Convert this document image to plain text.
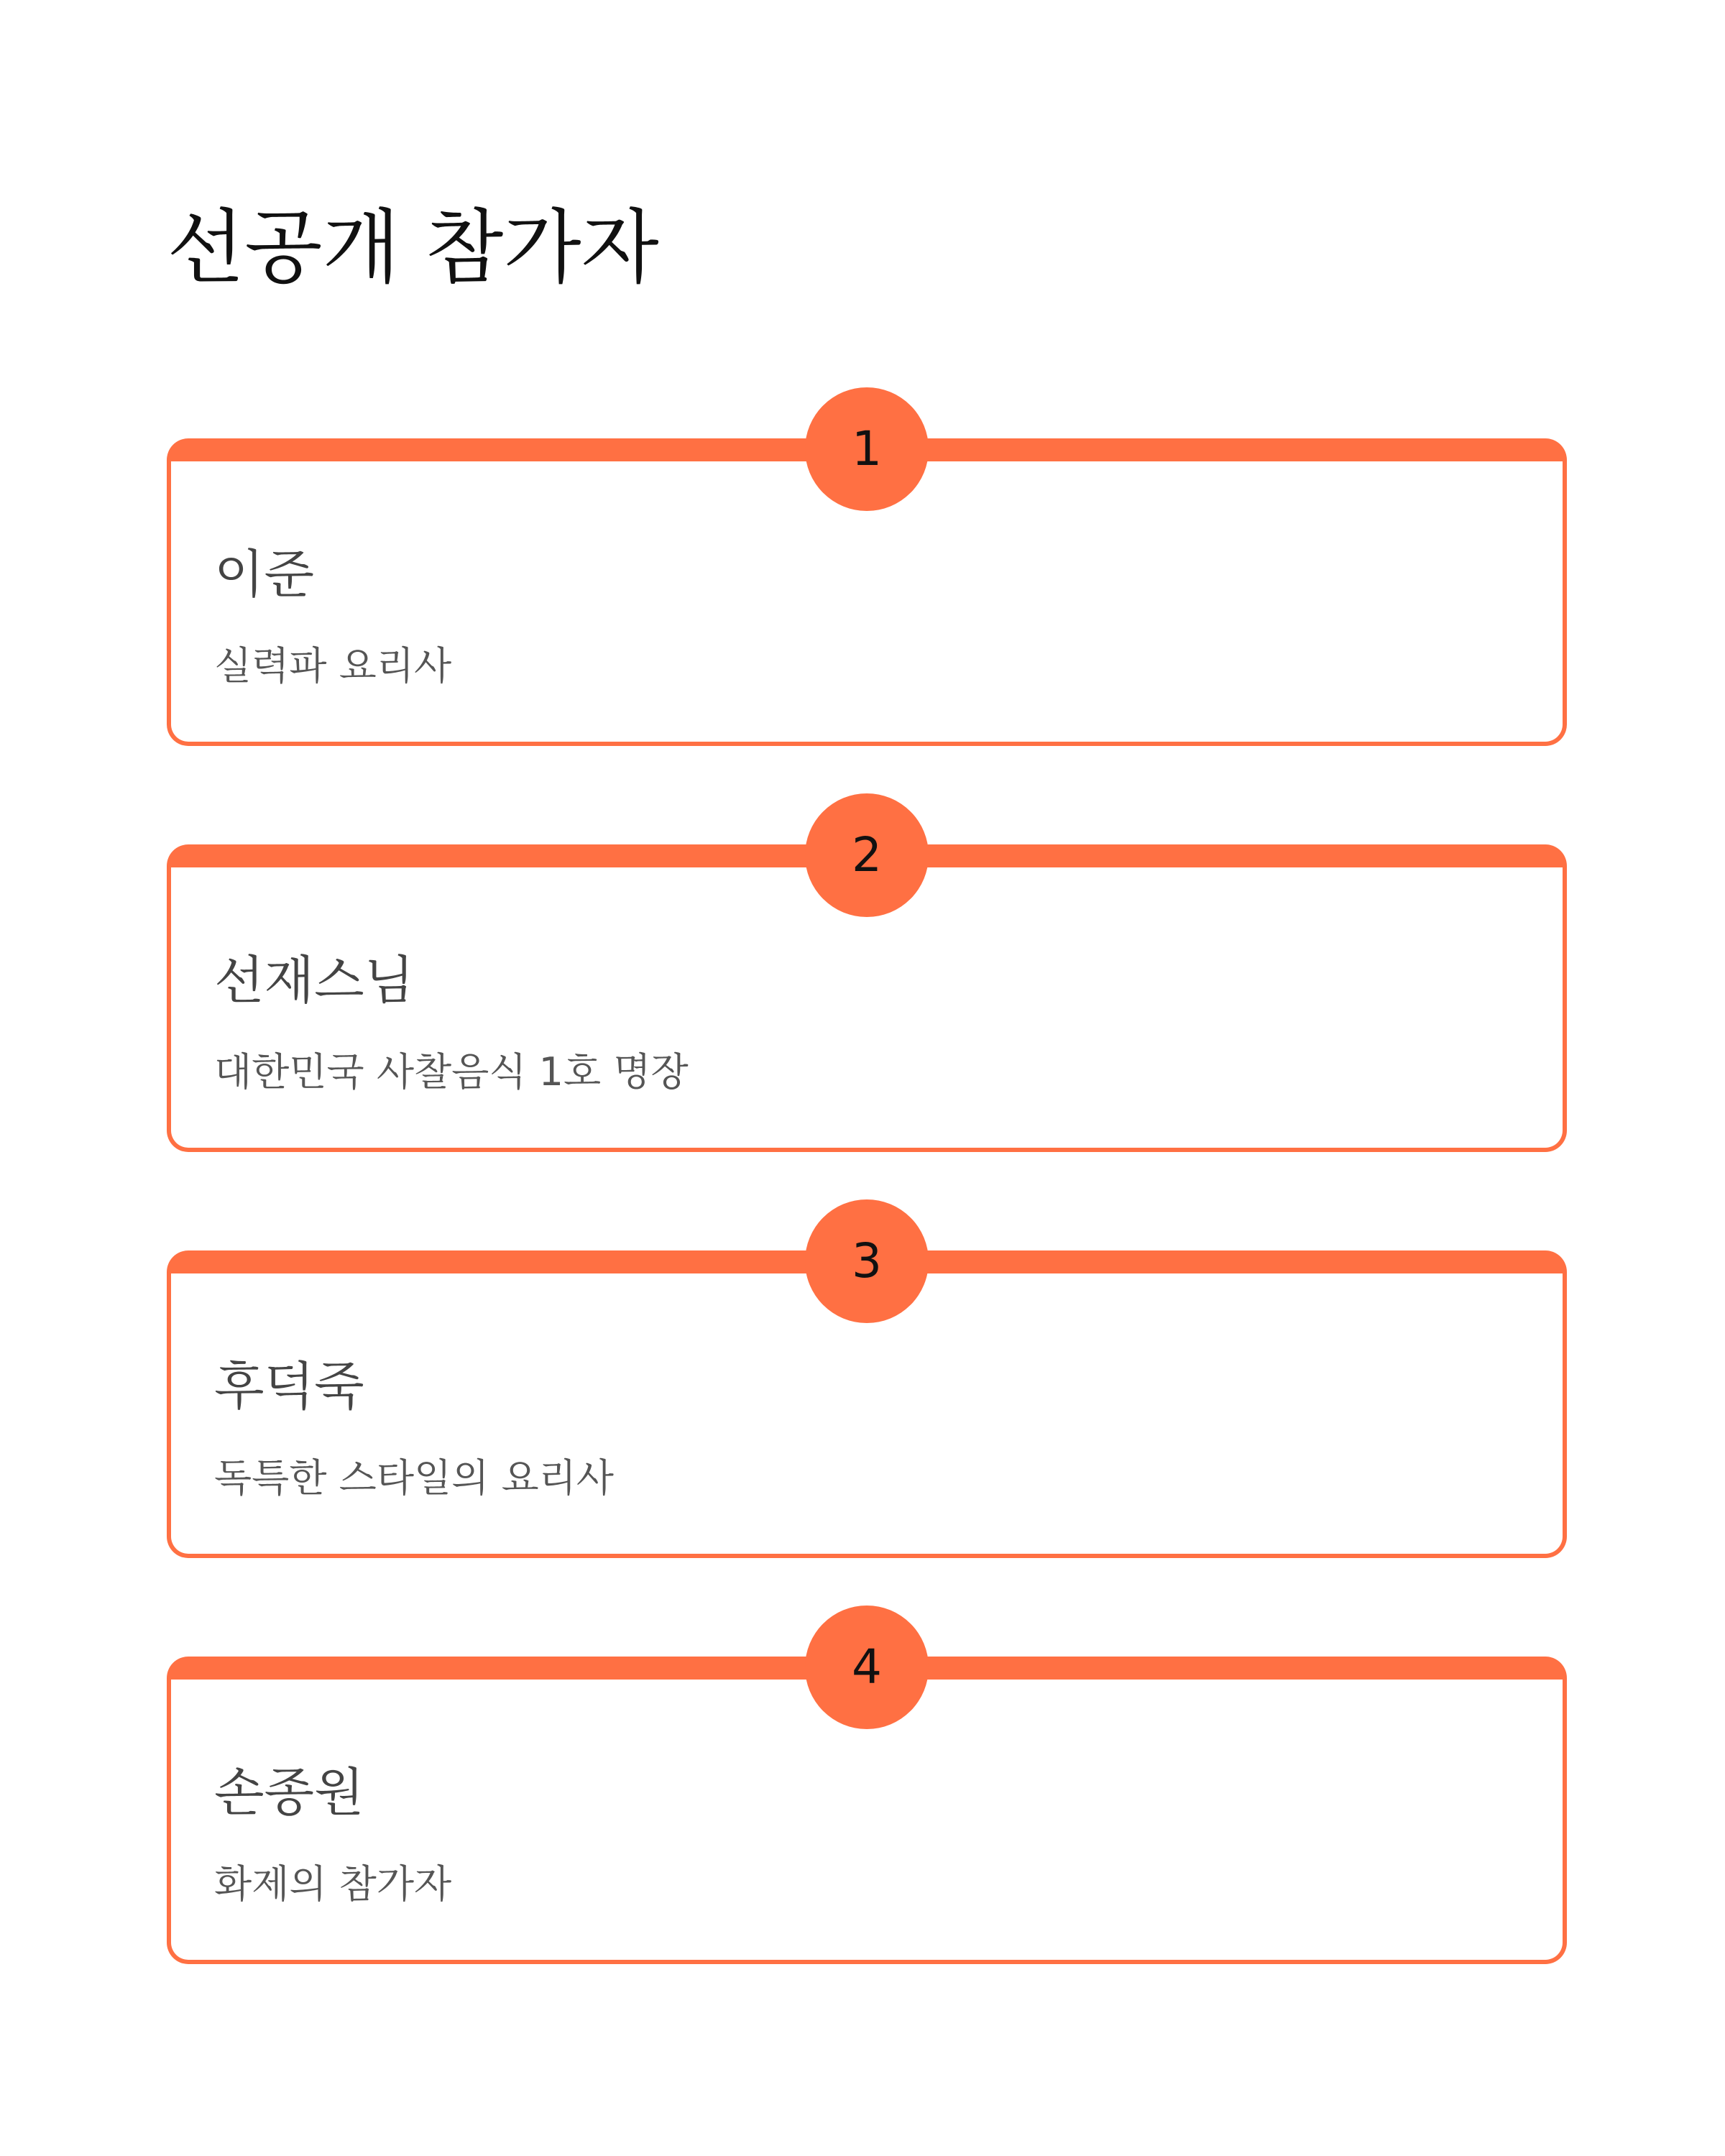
선공개 참가자
1
이준

실력파 요리사

2
선재스님

대한민국 사찰음식 1호 명장

3
후덕죽

독특한 스타일의 요리사

4
손종원

화제의 참가자
